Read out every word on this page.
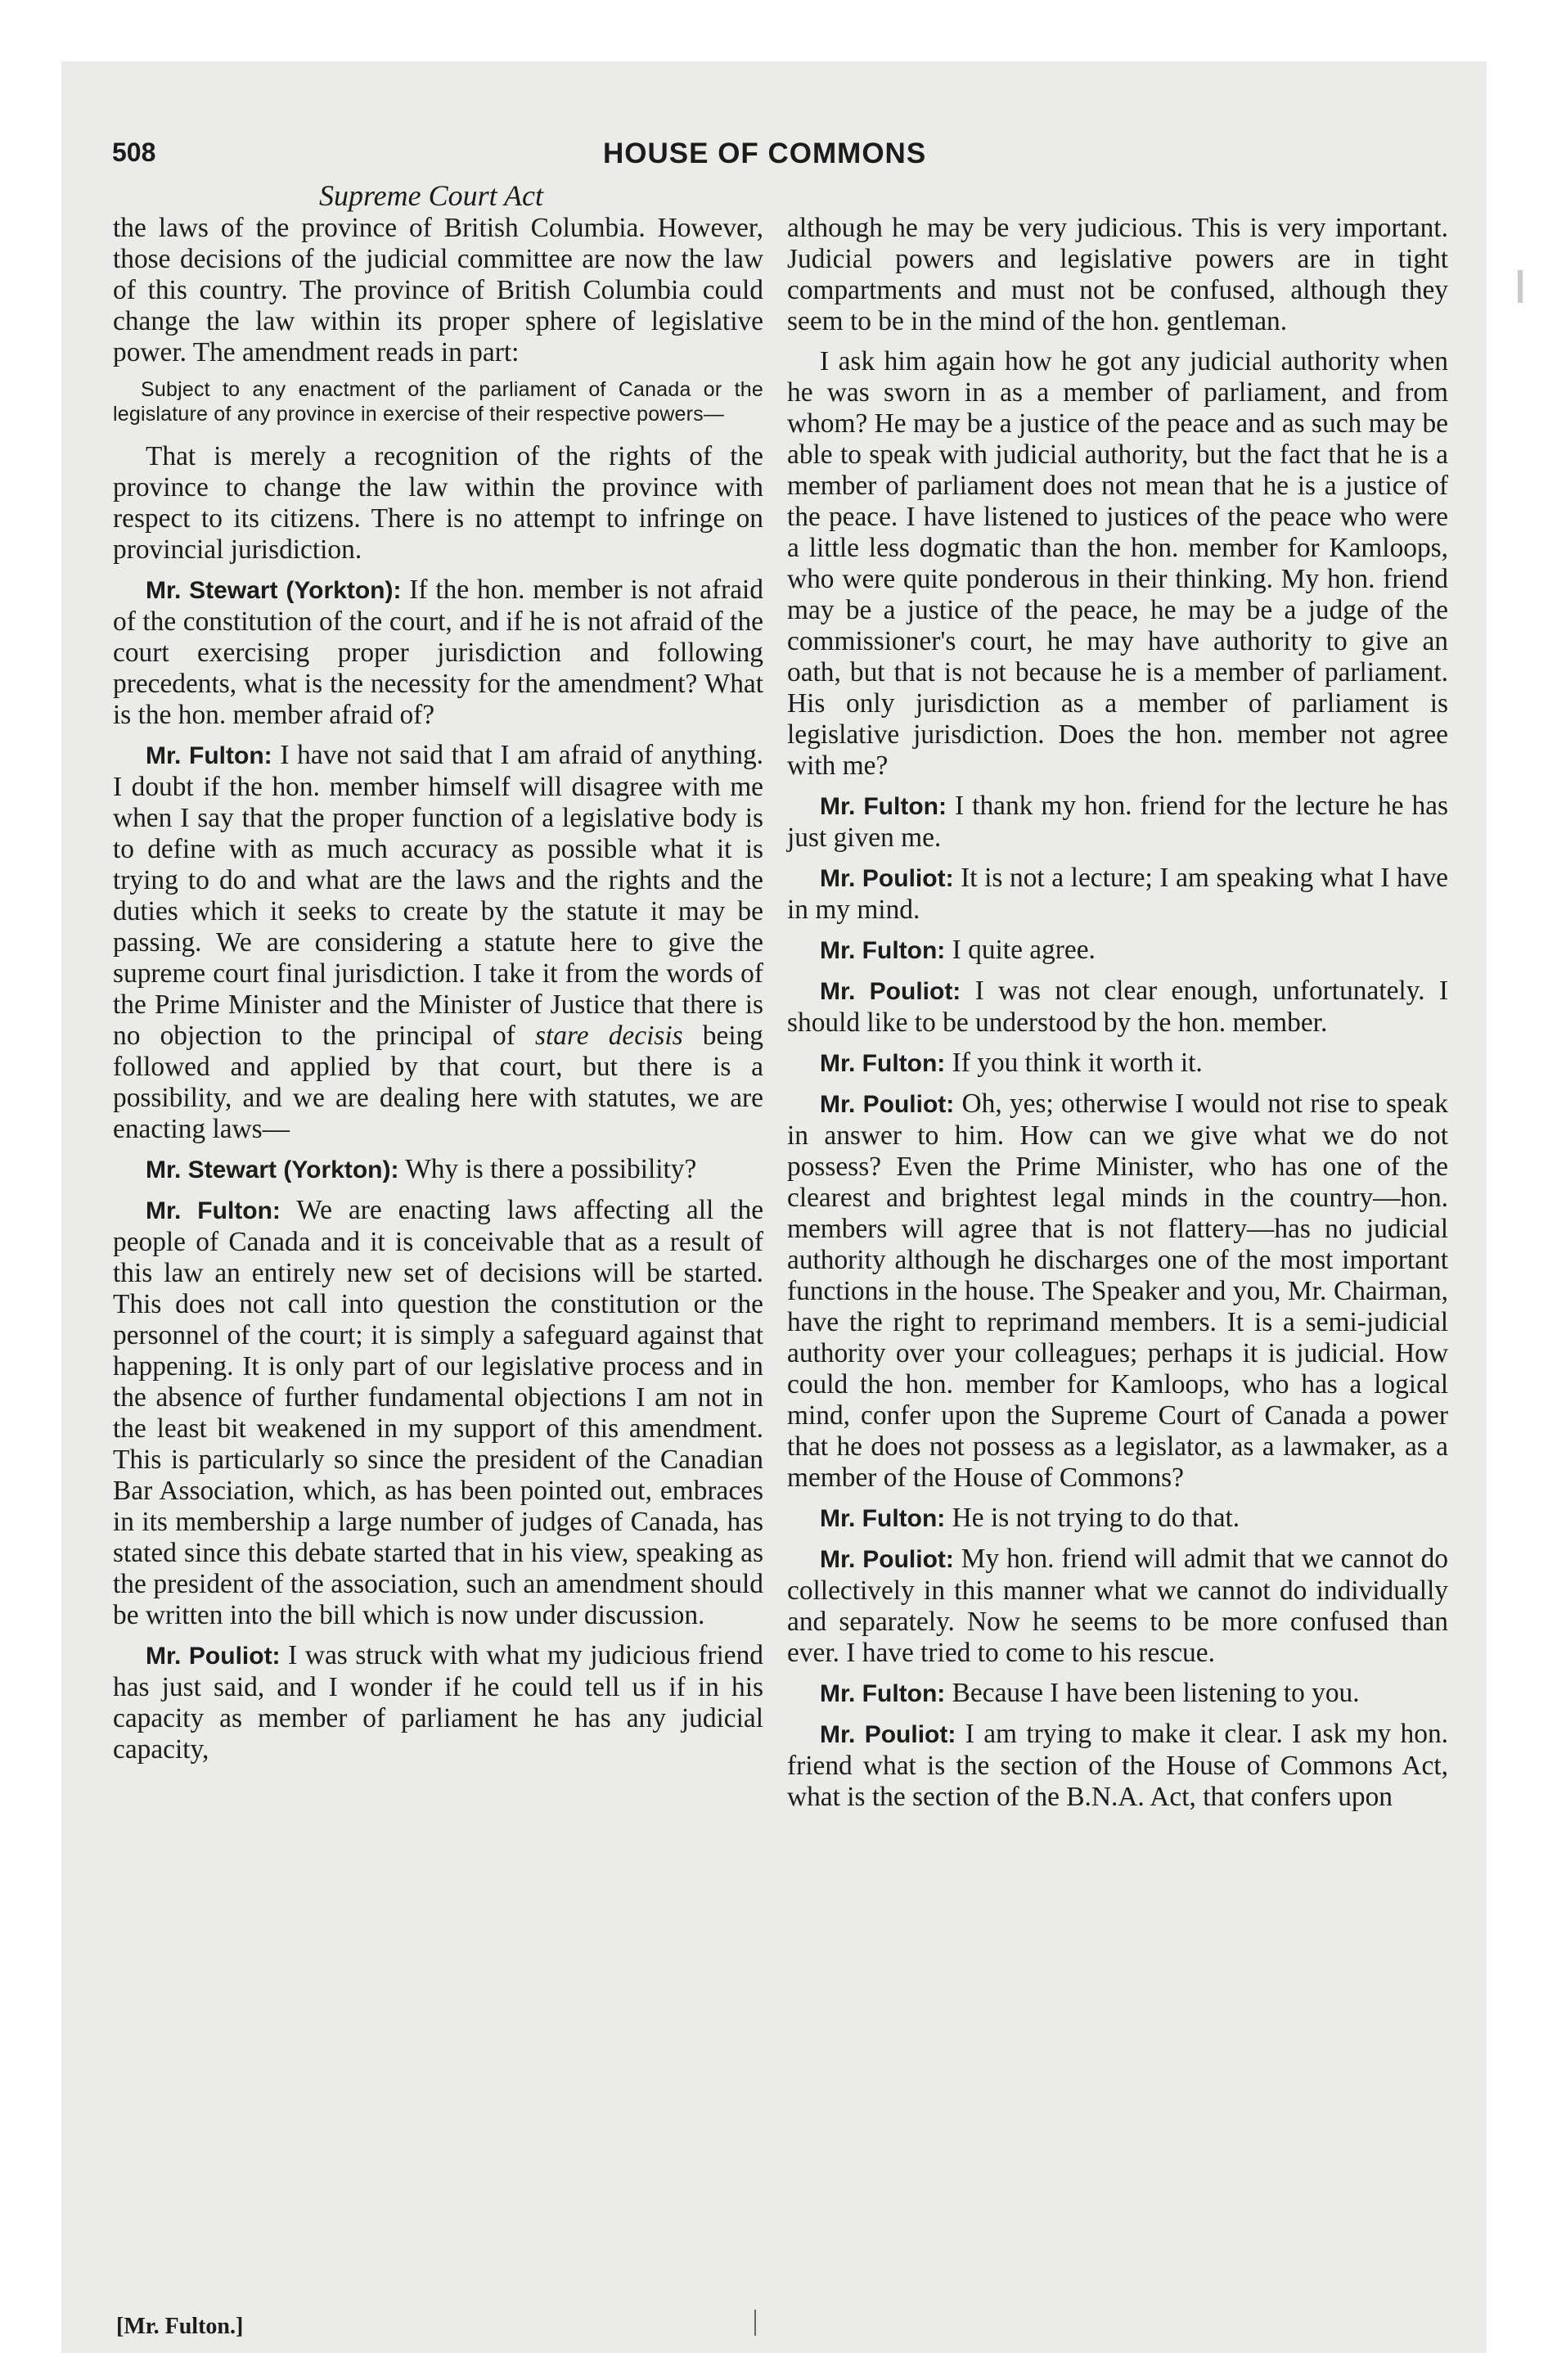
508	HOUSE OF COMMONS
Supreme Court Act

the laws of the province of British Columbia. However, those decisions of the judicial committee are now the law of this country. The province of British Columbia could change the law within its proper sphere of legislative power. The amendment reads in part:

Subject to any enactment of the parliament of Canada or the legislature of any province in exercise of their respective powers—

That is merely a recognition of the rights of the province to change the law within the province with respect to its citizens. There is no attempt to infringe on provincial jurisdiction.

Mr. Stewart (Yorkton): If the hon. member is not afraid of the constitution of the court, and if he is not afraid of the court exercising proper jurisdiction and following precedents, what is the necessity for the amendment? What is the hon. member afraid of?

Mr. Fulton: I have not said that I am afraid of anything. I doubt if the hon. member himself will disagree with me when I say that the proper function of a legislative body is to define with as much accuracy as possible what it is trying to do and what are the laws and the rights and the duties which it seeks to create by the statute it may be passing. We are considering a statute here to give the supreme court final jurisdiction. I take it from the words of the Prime Minister and the Minister of Justice that there is no objection to the principal of stare decisis being followed and applied by that court, but there is a possibility, and we are dealing here with statutes, we are enacting laws—

Mr. Stewart (Yorkton): Why is there a possibility?

Mr. Fulton: We are enacting laws affecting all the people of Canada and it is conceivable that as a result of this law an entirely new set of decisions will be started. This does not call into question the constitution or the personnel of the court; it is simply a safeguard against that happening. It is only part of our legislative process and in the absence of further fundamental objections I am not in the least bit weakened in my support of this amendment. This is particularly so since the president of the Canadian Bar Association, which, as has been pointed out, embraces in its membership a large number of judges of Canada, has stated since this debate started that in his view, speaking as the president of the association, such an amendment should be written into the bill which is now under discussion.

Mr. Pouliot: I was struck with what my judicious friend has just said, and I wonder if he could tell us if in his capacity as member of parliament he has any judicial capacity,

although he may be very judicious. This is very important. Judicial powers and legislative powers are in tight compartments and must not be confused, although they seem to be in the mind of the hon. gentleman.

I ask him again how he got any judicial authority when he was sworn in as a member of parliament, and from whom? He may be a justice of the peace and as such may be able to speak with judicial authority, but the fact that he is a member of parliament does not mean that he is a justice of the peace. I have listened to justices of the peace who were a little less dogmatic than the hon. member for Kamloops, who were quite ponderous in their thinking. My hon. friend may be a justice of the peace, he may be a judge of the commissioner's court, he may have authority to give an oath, but that is not because he is a member of parliament. His only jurisdiction as a member of parliament is legislative jurisdiction. Does the hon. member not agree with me?

Mr. Fulton: I thank my hon. friend for the lecture he has just given me.

Mr. Pouliot: It is not a lecture; I am speaking what I have in my mind.

Mr. Fulton: I quite agree.

Mr. Pouliot: I was not clear enough, unfortunately. I should like to be understood by the hon. member.

Mr. Fulton: If you think it worth it.

Mr. Pouliot: Oh, yes; otherwise I would not rise to speak in answer to him. How can we give what we do not possess? Even the Prime Minister, who has one of the clearest and brightest legal minds in the country—hon. members will agree that is not flattery—has no judicial authority although he discharges one of the most important functions in the house. The Speaker and you, Mr. Chairman, have the right to reprimand members. It is a semi-judicial authority over your colleagues; perhaps it is judicial. How could the hon. member for Kamloops, who has a logical mind, confer upon the Supreme Court of Canada a power that he does not possess as a legislator, as a lawmaker, as a member of the House of Commons?

Mr. Fulton: He is not trying to do that.

Mr. Pouliot: My hon. friend will admit that we cannot do collectively in this manner what we cannot do individually and separately. Now he seems to be more confused than ever. I have tried to come to his rescue.

Mr. Fulton: Because I have been listening to you.

Mr. Pouliot: I am trying to make it clear. I ask my hon. friend what is the section of the House of Commons Act, what is the section of the B.N.A. Act, that confers upon

[Mr. Fulton.]
